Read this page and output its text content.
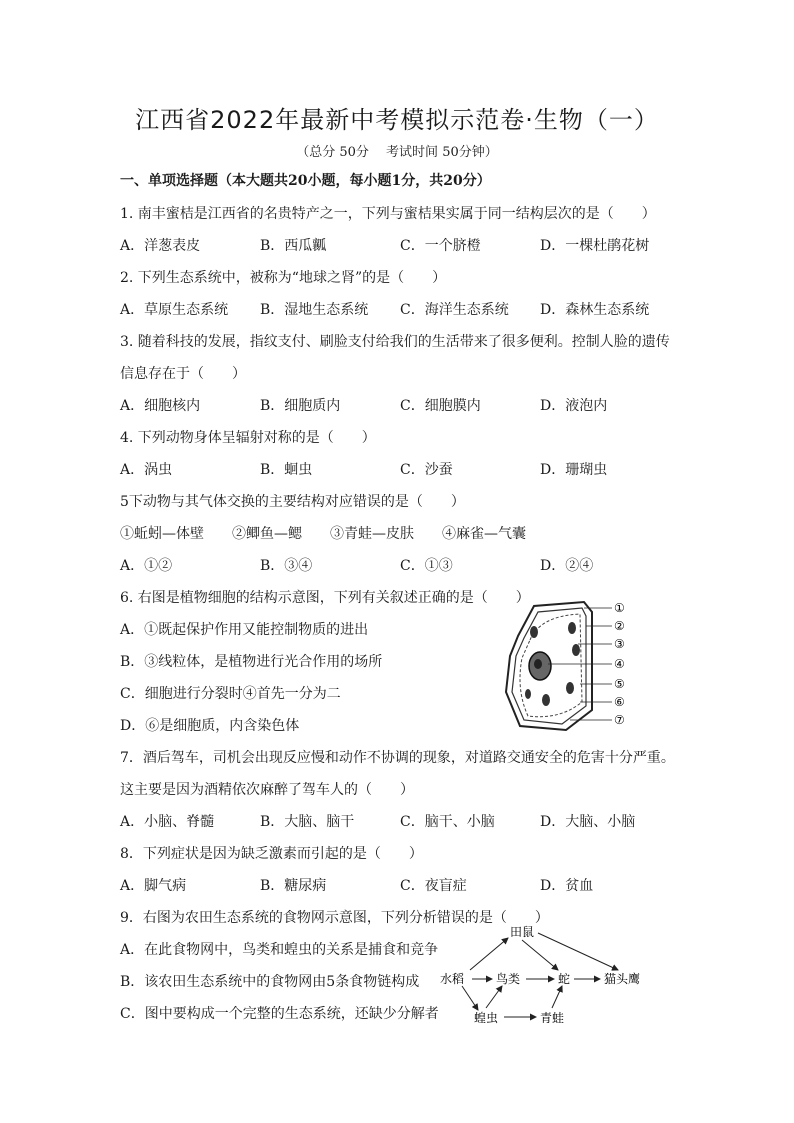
江西省2022年最新中考模拟示范卷·生物（一）
（总分 50分　 考试时间 50分钟）
一、单项选择题（本大题共20小题，每小题1分，共20分）
1. 南丰蜜桔是江西省的名贵特产之一，下列与蜜桔果实属于同一结构层次的是（　　）
A．洋葱表皮	B．西瓜瓤	C．一个脐橙	D．一棵杜鹃花树
2. 下列生态系统中，被称为“地球之肾”的是（　　）
A．草原生态系统 B．湿地生态系统 C．海洋生态系统 D．森林生态系统
3. 随着科技的发展，指纹支付、刷脸支付给我们的生活带来了很多便利。控制人脸的遗传
信息存在于（　　）
A．细胞核内	B．细胞质内	C．细胞膜内	D．液泡内
4. 下列动物身体呈辐射对称的是（　　）
A．涡虫	B．蛔虫	C．沙蚕	D．珊瑚虫
5下动物与其气体交换的主要结构对应错误的是（　　）
①蚯蚓—体壁　　②鲫鱼—鳃　　③青蛙—皮肤　　④麻雀—气囊
A．①②	B．③④	C．①③	D．②④
6. 右图是植物细胞的结构示意图，下列有关叙述正确的是（　　）
A．①既起保护作用又能控制物质的进出
B．③线粒体，是植物进行光合作用的场所
C．细胞进行分裂时④首先一分为二
D．⑥是细胞质，内含染色体
①
②
③
④
⑤
⑥
⑦
7．酒后驾车，司机会出现反应慢和动作不协调的现象，对道路交通安全的危害十分严重。
这主要是因为酒精依次麻醉了驾车人的（　　）
A．小脑、脊髓	B．大脑、脑干	C．脑干、小脑	D．大脑、小脑
8．下列症状是因为缺乏激素而引起的是（　　）
A．脚气病	B．糖尿病	C．夜盲症	D．贫血
9．右图为农田生态系统的食物网示意图，下列分析错误的是（　　）
A．在此食物网中，鸟类和蝗虫的关系是捕食和竞争
B．该农田生态系统中的食物网由5条食物链构成
C．图中要构成一个完整的生态系统，还缺少分解者
田鼠
水稻	鸟类	蛇	猫头鹰
蝗虫	青蛙
